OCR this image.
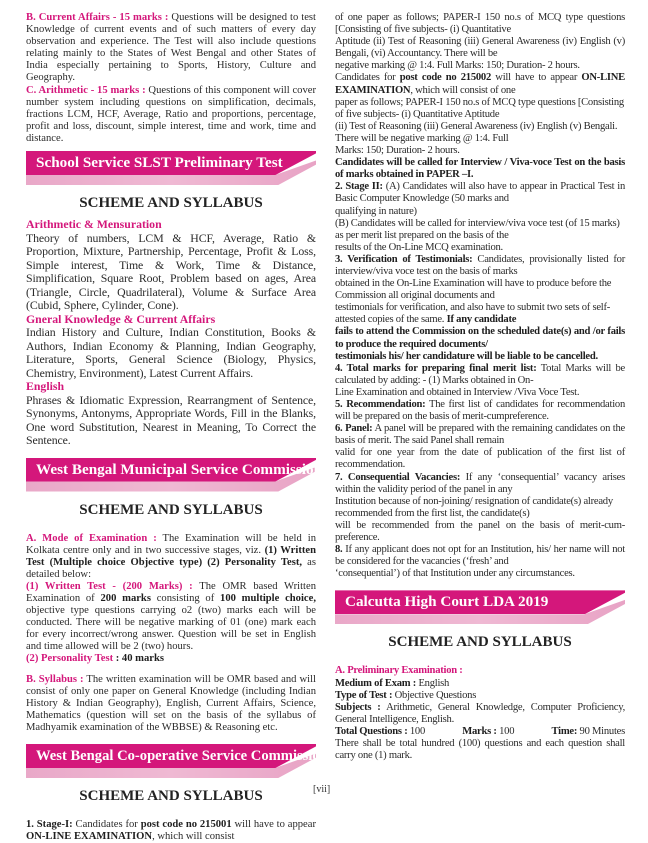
B. Current Affairs - 15 marks : Questions will be designed to test Knowledge of current events and of such matters of every day observation and experience. The Test will also include questions relating mainly to the States of West Bengal and other States of India especially pertaining to Sports, History, Culture and Geography.

C. Arithmetic - 15 marks : Questions of this component will cover number system including questions on simplification, decimals, fractions LCM, HCF, Average, Ratio and proportions, percentage, profit and loss, discount, simple interest, time and work, time and distance.

School Service SLST Preliminary Test
SCHEME AND SYLLABUS

Arithmetic & Mensuration

Theory of numbers, LCM & HCF, Average, Ratio & Proportion, Mixture, Partnership, Percentage, Profit & Loss, Simple interest, Time & Work, Time & Distance, Simplification, Square Root, Problem based on ages, Area (Triangle, Circle, Quadrilateral), Volume & Surface Area (Cubid, Sphere, Cylinder, Cone).

Gneral Knowledge & Current Affairs

Indian History and Culture, Indian Constitution, Books & Authors, Indian Economy & Planning, Indian Geography, Literature, Sports, General Science (Biology, Physics, Chemistry, Environment), Latest Current Affairs.

English

Phrases & Idiomatic Expression, Rearrangment of Sentence, Synonyms, Antonyms, Appropriate Words, Fill in the Blanks, One word Substitution, Nearest in Meaning, To Correct the Sentence.

West Bengal Municipal Service Commission
SCHEME AND SYLLABUS

A. Mode of Examination : The Examination will be held in Kolkata centre only and in two successive stages, viz. (1) Written Test (Multiple choice Objective type) (2) Personality Test, as detailed below:

(1) Written Test - (200 Marks) : The OMR based Written Examination of 200 marks consisting of 100 multiple choice, objective type questions carrying o2 (two) marks each will be conducted. There will be negative marking of 01 (one) mark each for every incorrect/wrong answer. Question will be set in English and time allowed will be 2 (two) hours.

(2) Personality Test : 40 marks

B. Syllabus : The written examination will be OMR based and will consist of only one paper on General Knowledge (including Indian History & Indian Geography), English, Current Affairs, Science, Mathematics (question will set on the basis of the syllabus of Madhyamik examination of the WBBSE) & Reasoning etc.

West Bengal Co-operative Service Commission
SCHEME AND SYLLABUS

1. Stage-I: Candidates for post code no 215001 will have to appear ON-LINE EXAMINATION, which will consist

of one paper as follows; PAPER-I 150 no.s of MCQ type questions [Consisting of five subjects- (i) Quantitative

Aptitude (ii) Test of Reasoning (iii) General Awareness (iv) English (v) Bengali, (vi) Accountancy. There will be

negative marking @ 1:4. Full Marks: 150; Duration- 2 hours.

Candidates for post code no 215002 will have to appear ON-LINE EXAMINATION, which will consist of one

paper as follows; PAPER-I 150 no.s of MCQ type questions [Consisting of five subjects- (i) Quantitative Aptitude

(ii) Test of Reasoning (iii) General Awareness (iv) English (v) Bengali. There will be negative marking @ 1:4. Full

Marks: 150; Duration- 2 hours.

Candidates will be called for Interview / Viva-voce Test on the basis of marks obtained in PAPER –I.

2. Stage II: (A) Candidates will also have to appear in Practical Test in Basic Computer Knowledge (50 marks and

qualifying in nature)

(B) Candidates will be called for interview/viva voce test (of 15 marks) as per merit list prepared on the basis of the

results of the On-Line MCQ examination.

3. Verification of Testimonials: Candidates, provisionally listed for interview/viva voce test on the basis of marks

obtained in the On-Line Examination will have to produce before the Commission all original documents and

testimonials for verification, and also have to submit two sets of self-attested copies of the same. If any candidate

fails to attend the Commission on the scheduled date(s) and /or fails to produce the required documents/

testimonials his/ her candidature will be liable to be cancelled.

4. Total marks for preparing final merit list: Total Marks will be calculated by adding: - (1) Marks obtained in On-

Line Examination and obtained in Interview /Viva Voce Test.

5. Recommendation: The first list of candidates for recommendation will be prepared on the basis of merit-cumpreference.

6. Panel: A panel will be prepared with the remaining candidates on the basis of merit. The said Panel shall remain

valid for one year from the date of publication of the first list of recommendation.

7. Consequential Vacancies: If any ‘consequential’ vacancy arises within the validity period of the panel in any

Institution because of non-joining/ resignation of candidate(s) already recommended from the first list, the candidate(s)

will be recommended from the panel on the basis of merit-cum-preference.

8. If any applicant does not opt for an Institution, his/ her name will not be considered for the vacancies (‘fresh’ and

‘consequential’) of that Institution under any circumstances.

Calcutta High Court LDA 2019
SCHEME AND SYLLABUS

A. Preliminary Examination :

Medium of Exam : English

Type of Test : Objective Questions

Subjects : Arithmetic, General Knowledge, Computer Proficiency, General Intelligence, English.

Total Questions : 100	Marks : 100	Time: 90 Minutes

There shall be total hundred (100) questions and each question shall carry one (1) mark.

[vii]
